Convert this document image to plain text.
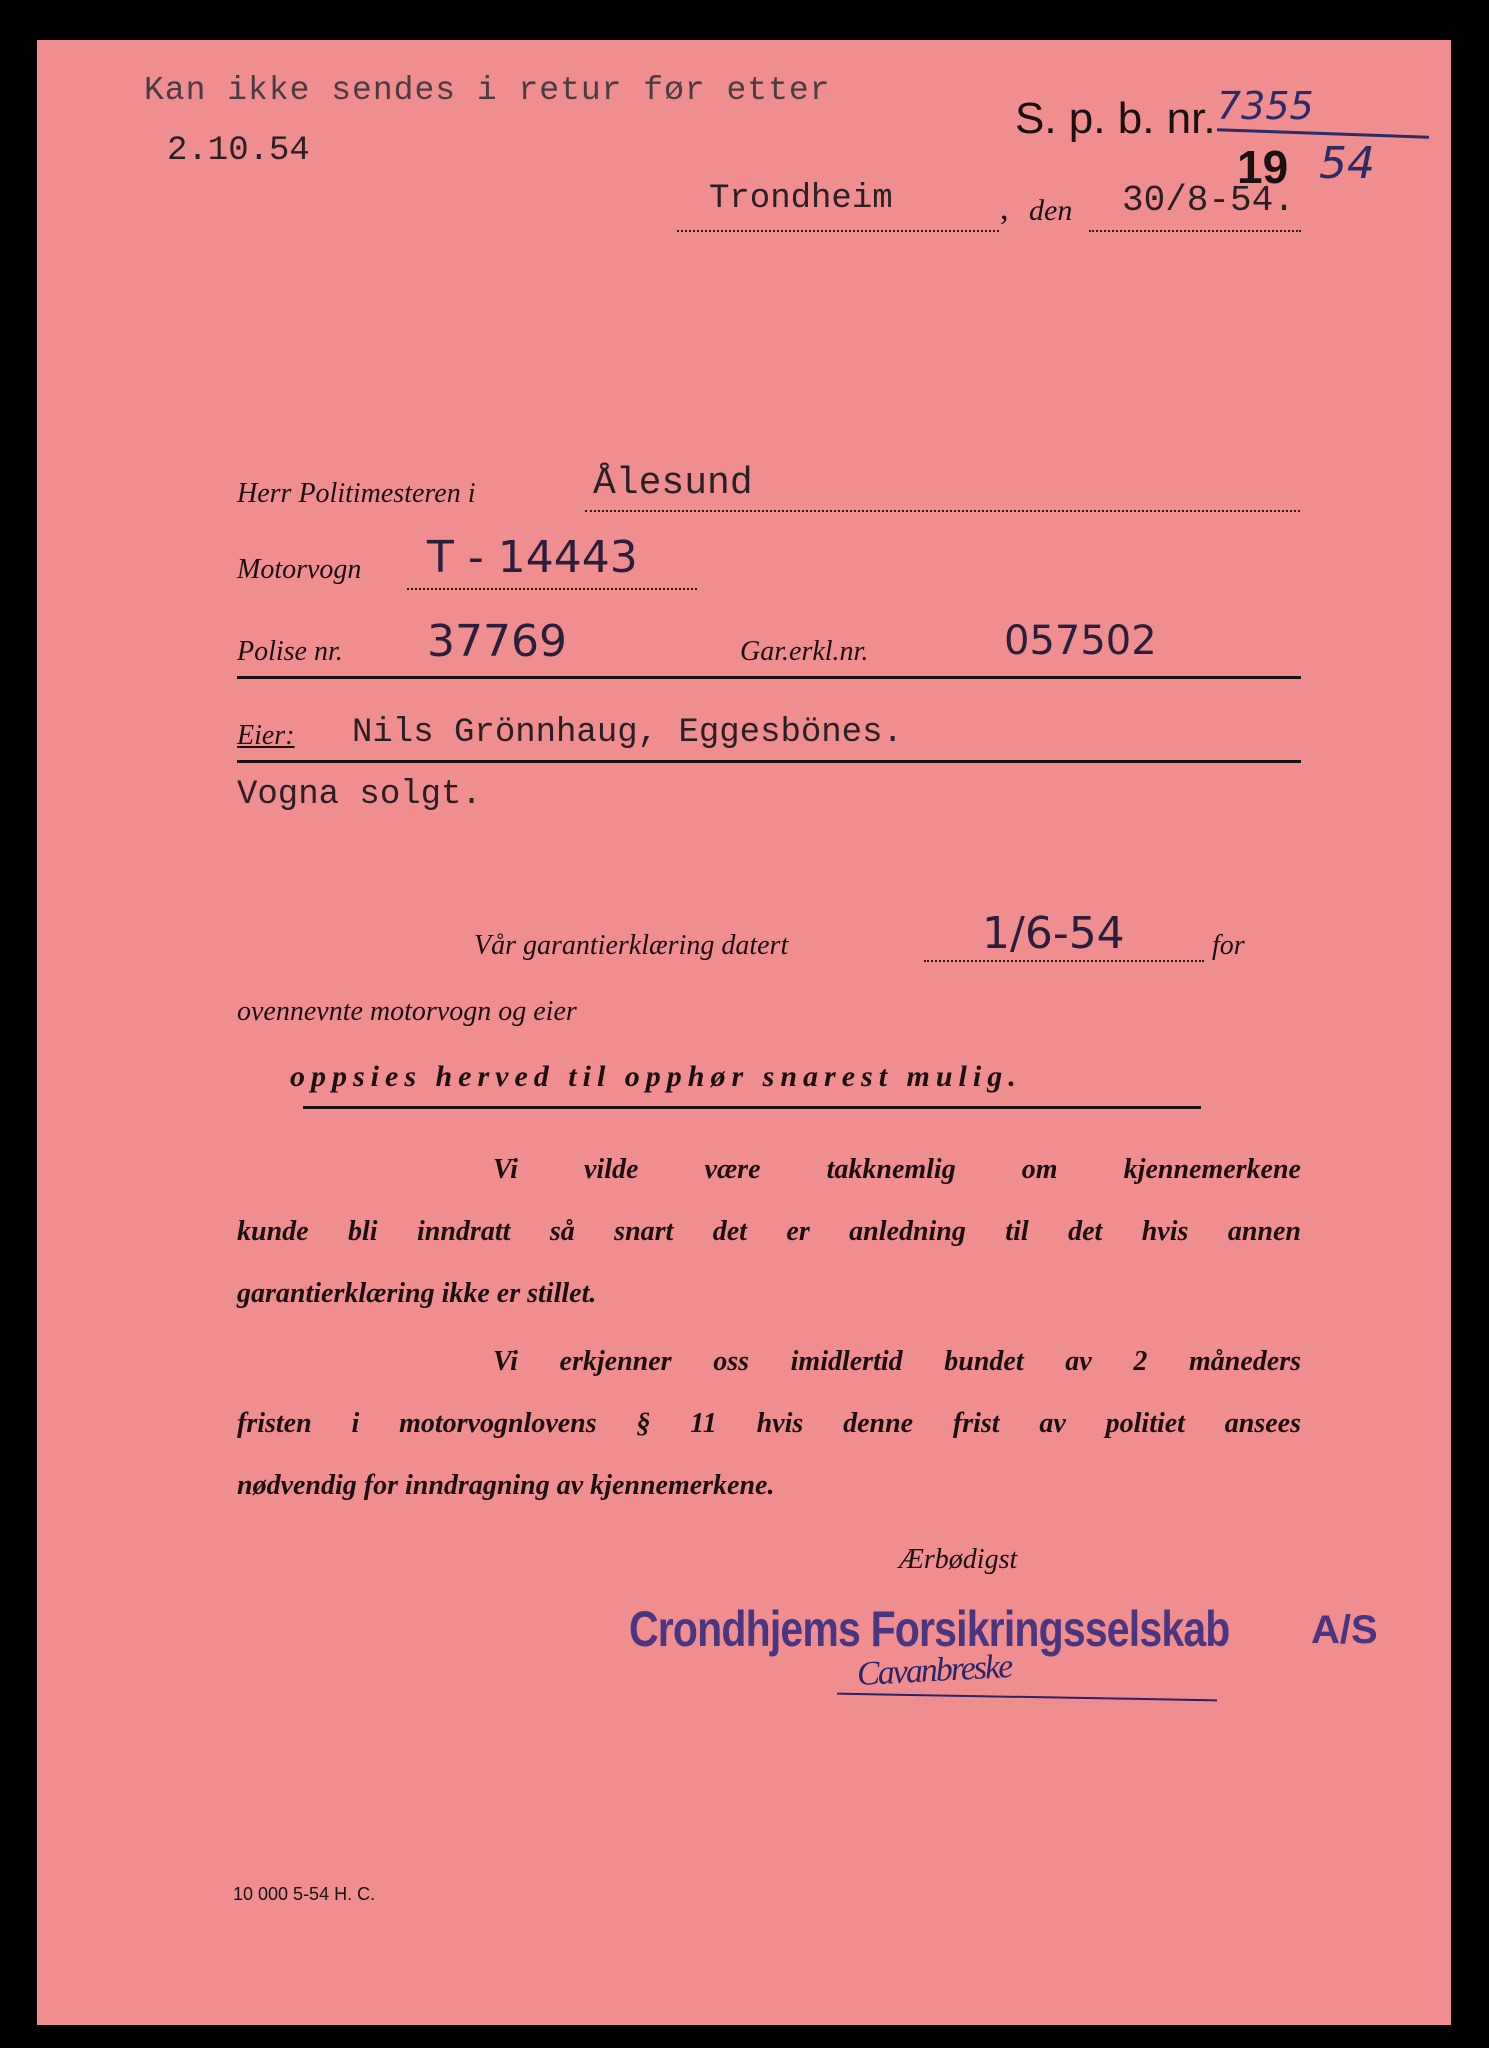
Kan ikke sendes i retur før etter
2.10.54
S. p. b. nr. 7355
19 54
Trondheim	, den 30/8-54.
Herr Politimesteren i	Ålesund
Motorvogn T - 14443
Polise nr. 37769	Gar.erkl.nr.	057502
Eier: Nils Grönnhaug, Eggesbönes.
Vogna solgt.
Vår garantierklæring datert	1/6-54	for
ovennevnte motorvogn og eier
oppsies herved til opphør snarest mulig.
Vi vilde være takknemlig om kjennemerkene
kunde bli inndratt så snart det er anledning til det hvis annen
garantierklæring ikke er stillet.
Vi erkjenner oss imidlertid bundet av 2 måneders
fristen i motorvognlovens § 11 hvis denne frist av politiet ansees
nødvendig for inndragning av kjennemerkene.
Ærbødigst
Crondhjems Forsikringsselskab A/S
Cavanbreske
10 000 5-54 H. C.
